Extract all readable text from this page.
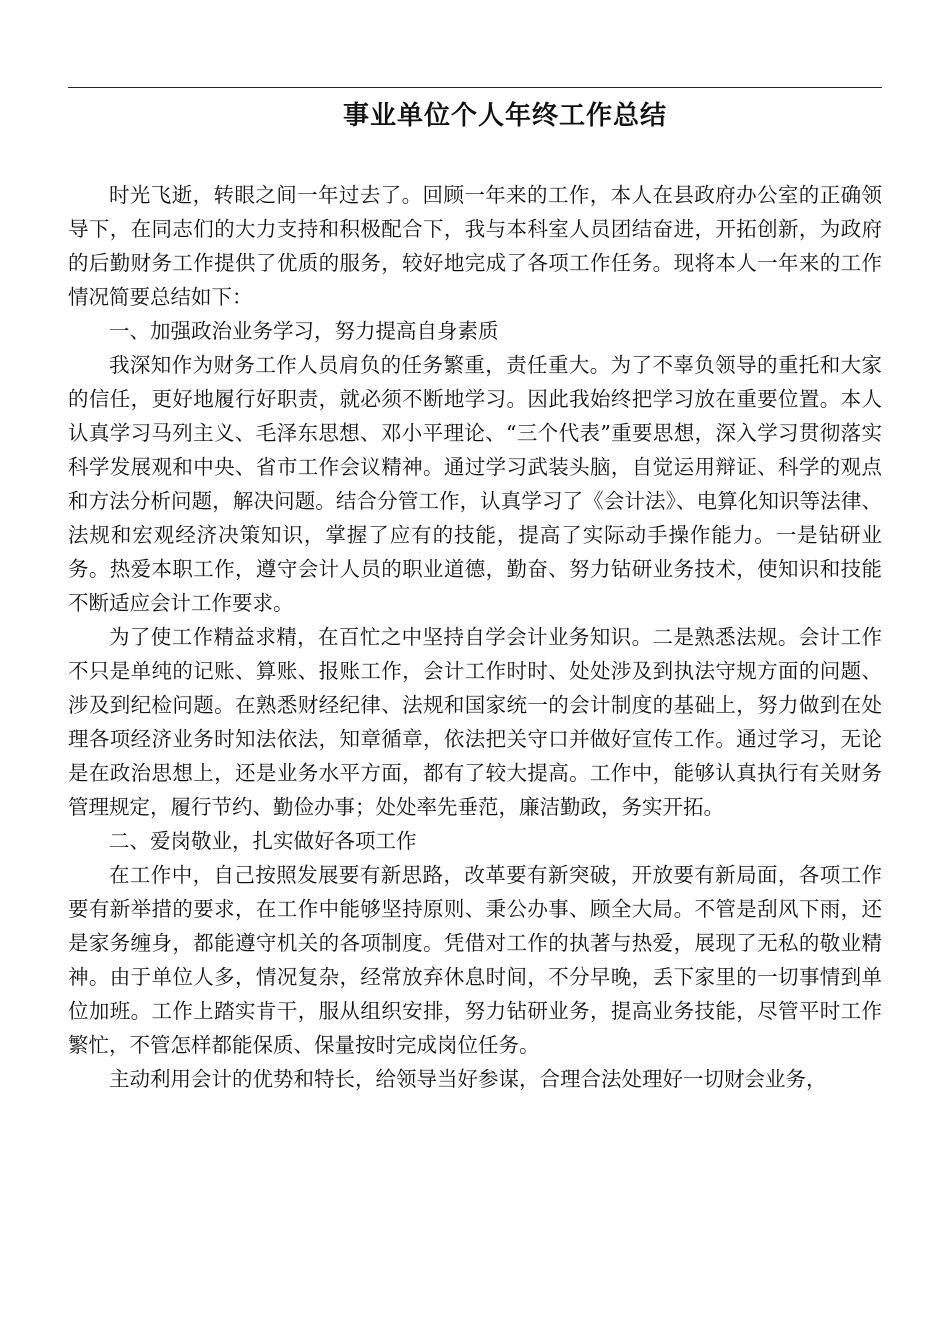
事业单位个人年终工作总结

时光飞逝，转眼之间一年过去了。回顾一年来的工作，本人在县政府办公室的正确领导下，在同志们的大力支持和积极配合下，我与本科室人员团结奋进，开拓创新，为政府的后勤财务工作提供了优质的服务，较好地完成了各项工作任务。现将本人一年来的工作情况简要总结如下：

一、加强政治业务学习，努力提高自身素质

我深知作为财务工作人员肩负的任务繁重，责任重大。为了不辜负领导的重托和大家的信任，更好地履行好职责，就必须不断地学习。因此我始终把学习放在重要位置。本人认真学习马列主义、毛泽东思想、邓小平理论、“三个代表”重要思想，深入学习贯彻落实科学发展观和中央、省市工作会议精神。通过学习武装头脑，自觉运用辩证、科学的观点和方法分析问题，解决问题。结合分管工作，认真学习了《会计法》、电算化知识等法律、法规和宏观经济决策知识，掌握了应有的技能，提高了实际动手操作能力。一是钻研业务。热爱本职工作，遵守会计人员的职业道德，勤奋、努力钻研业务技术，使知识和技能不断适应会计工作要求。

为了使工作精益求精，在百忙之中坚持自学会计业务知识。二是熟悉法规。会计工作不只是单纯的记账、算账、报账工作，会计工作时时、处处涉及到执法守规方面的问题、涉及到纪检问题。在熟悉财经纪律、法规和国家统一的会计制度的基础上，努力做到在处理各项经济业务时知法依法，知章循章，依法把关守口并做好宣传工作。通过学习，无论是在政治思想上，还是业务水平方面，都有了较大提高。工作中，能够认真执行有关财务管理规定，履行节约、勤俭办事；处处率先垂范，廉洁勤政，务实开拓。

二、爱岗敬业，扎实做好各项工作

在工作中，自己按照发展要有新思路，改革要有新突破，开放要有新局面，各项工作要有新举措的要求，在工作中能够坚持原则、秉公办事、顾全大局。不管是刮风下雨，还是家务缠身，都能遵守机关的各项制度。凭借对工作的执著与热爱，展现了无私的敬业精神。由于单位人多，情况复杂，经常放弃休息时间，不分早晚，丢下家里的一切事情到单位加班。工作上踏实肯干，服从组织安排，努力钻研业务，提高业务技能，尽管平时工作繁忙，不管怎样都能保质、保量按时完成岗位任务。

主动利用会计的优势和特长，给领导当好参谋，合理合法处理好一切财会业务，
